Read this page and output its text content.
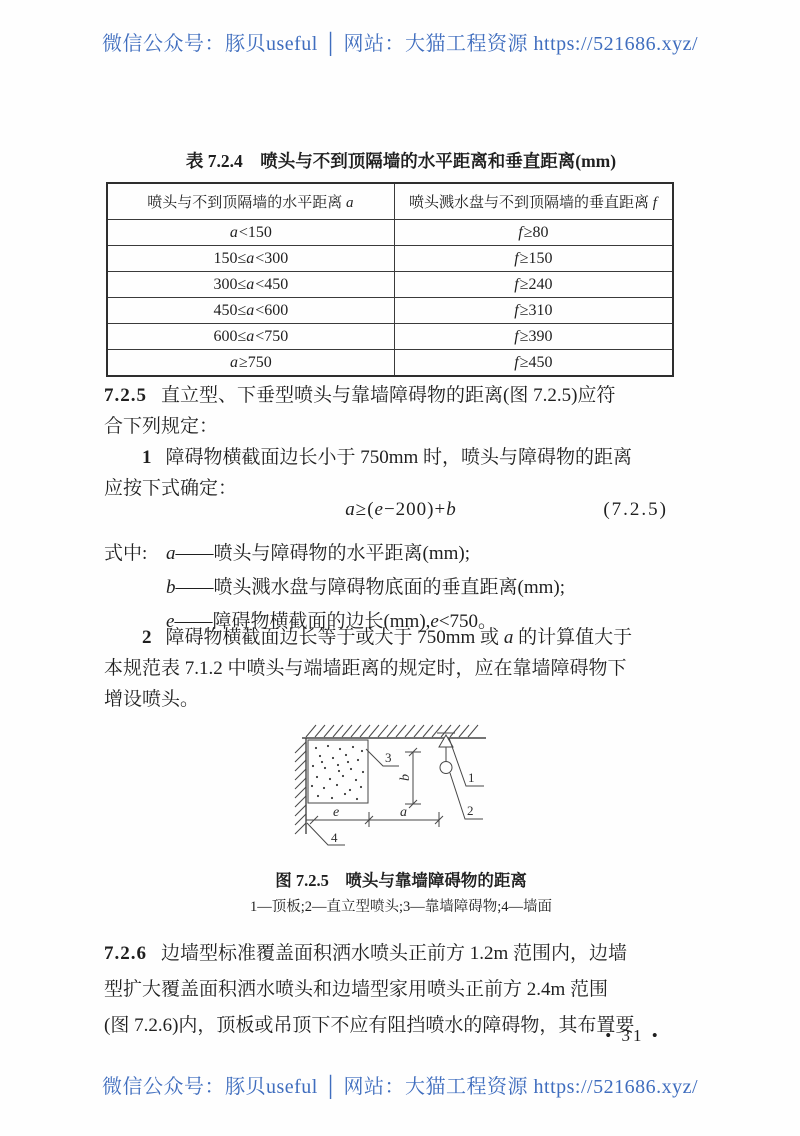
微信公众号：豚贝useful │ 网站：大猫工程资源 https://521686.xyz/
表 7.2.4　喷头与不到顶隔墙的水平距离和垂直距离(mm)
喷头与不到顶隔墙的水平距离 a	喷头溅水盘与不到顶隔墙的垂直距离 f
a<150	f≥80
150≤a<300	f≥150
300≤a<450	f≥240
450≤a<600	f≥310
600≤a<750	f≥390
a≥750	f≥450
7.2.5 直立型、下垂型喷头与靠墙障碍物的距离(图 7.2.5)应符
合下列规定：
1 障碍物横截面边长小于 750mm 时，喷头与障碍物的距离
应按下式确定：
a≥(e−200)+b	(7.2.5)
式中: a——喷头与障碍物的水平距离(mm);
b——喷头溅水盘与障碍物底面的垂直距离(mm);
e——障碍物横截面的边长(mm),e<750。
2 障碍物横截面边长等于或大于 750mm 或 a 的计算值大于
本规范表 7.1.2 中喷头与端墙距离的规定时，应在靠墙障碍物下
增设喷头。
1
2
3
4
e	a
b
图 7.2.5　喷头与靠墙障碍物的距离
1—顶板;2—直立型喷头;3—靠墙障碍物;4—墙面
7.2.6 边墙型标准覆盖面积洒水喷头正前方 1.2m 范围内，边墙
型扩大覆盖面积洒水喷头和边墙型家用喷头正前方 2.4m 范围
(图 7.2.6)内，顶板或吊顶下不应有阻挡喷水的障碍物，其布置要
• 31 •
微信公众号：豚贝useful │ 网站：大猫工程资源 https://521686.xyz/
